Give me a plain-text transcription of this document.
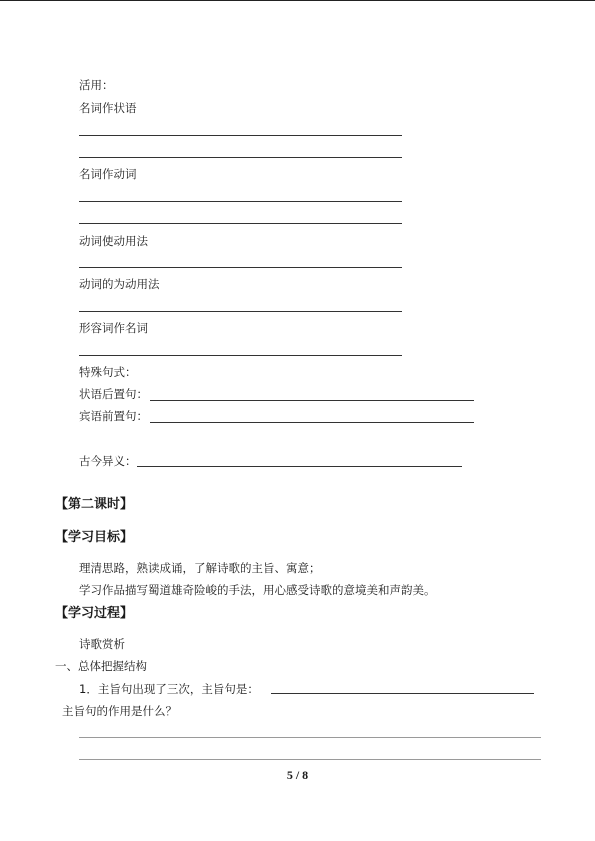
活用：
名词作状语
名词作动词
动词使动用法
动词的为动用法
形容词作名词
特殊句式：
状语后置句：
宾语前置句：
古今异义：
【第二课时】
【学习目标】
理清思路，熟读成诵，了解诗歌的主旨、寓意；
学习作品描写蜀道雄奇险峻的手法，用心感受诗歌的意境美和声韵美。
【学习过程】
诗歌赏析
一、总体把握结构
1．主旨句出现了三次，主旨句是：
主旨句的作用是什么？
5 / 8
